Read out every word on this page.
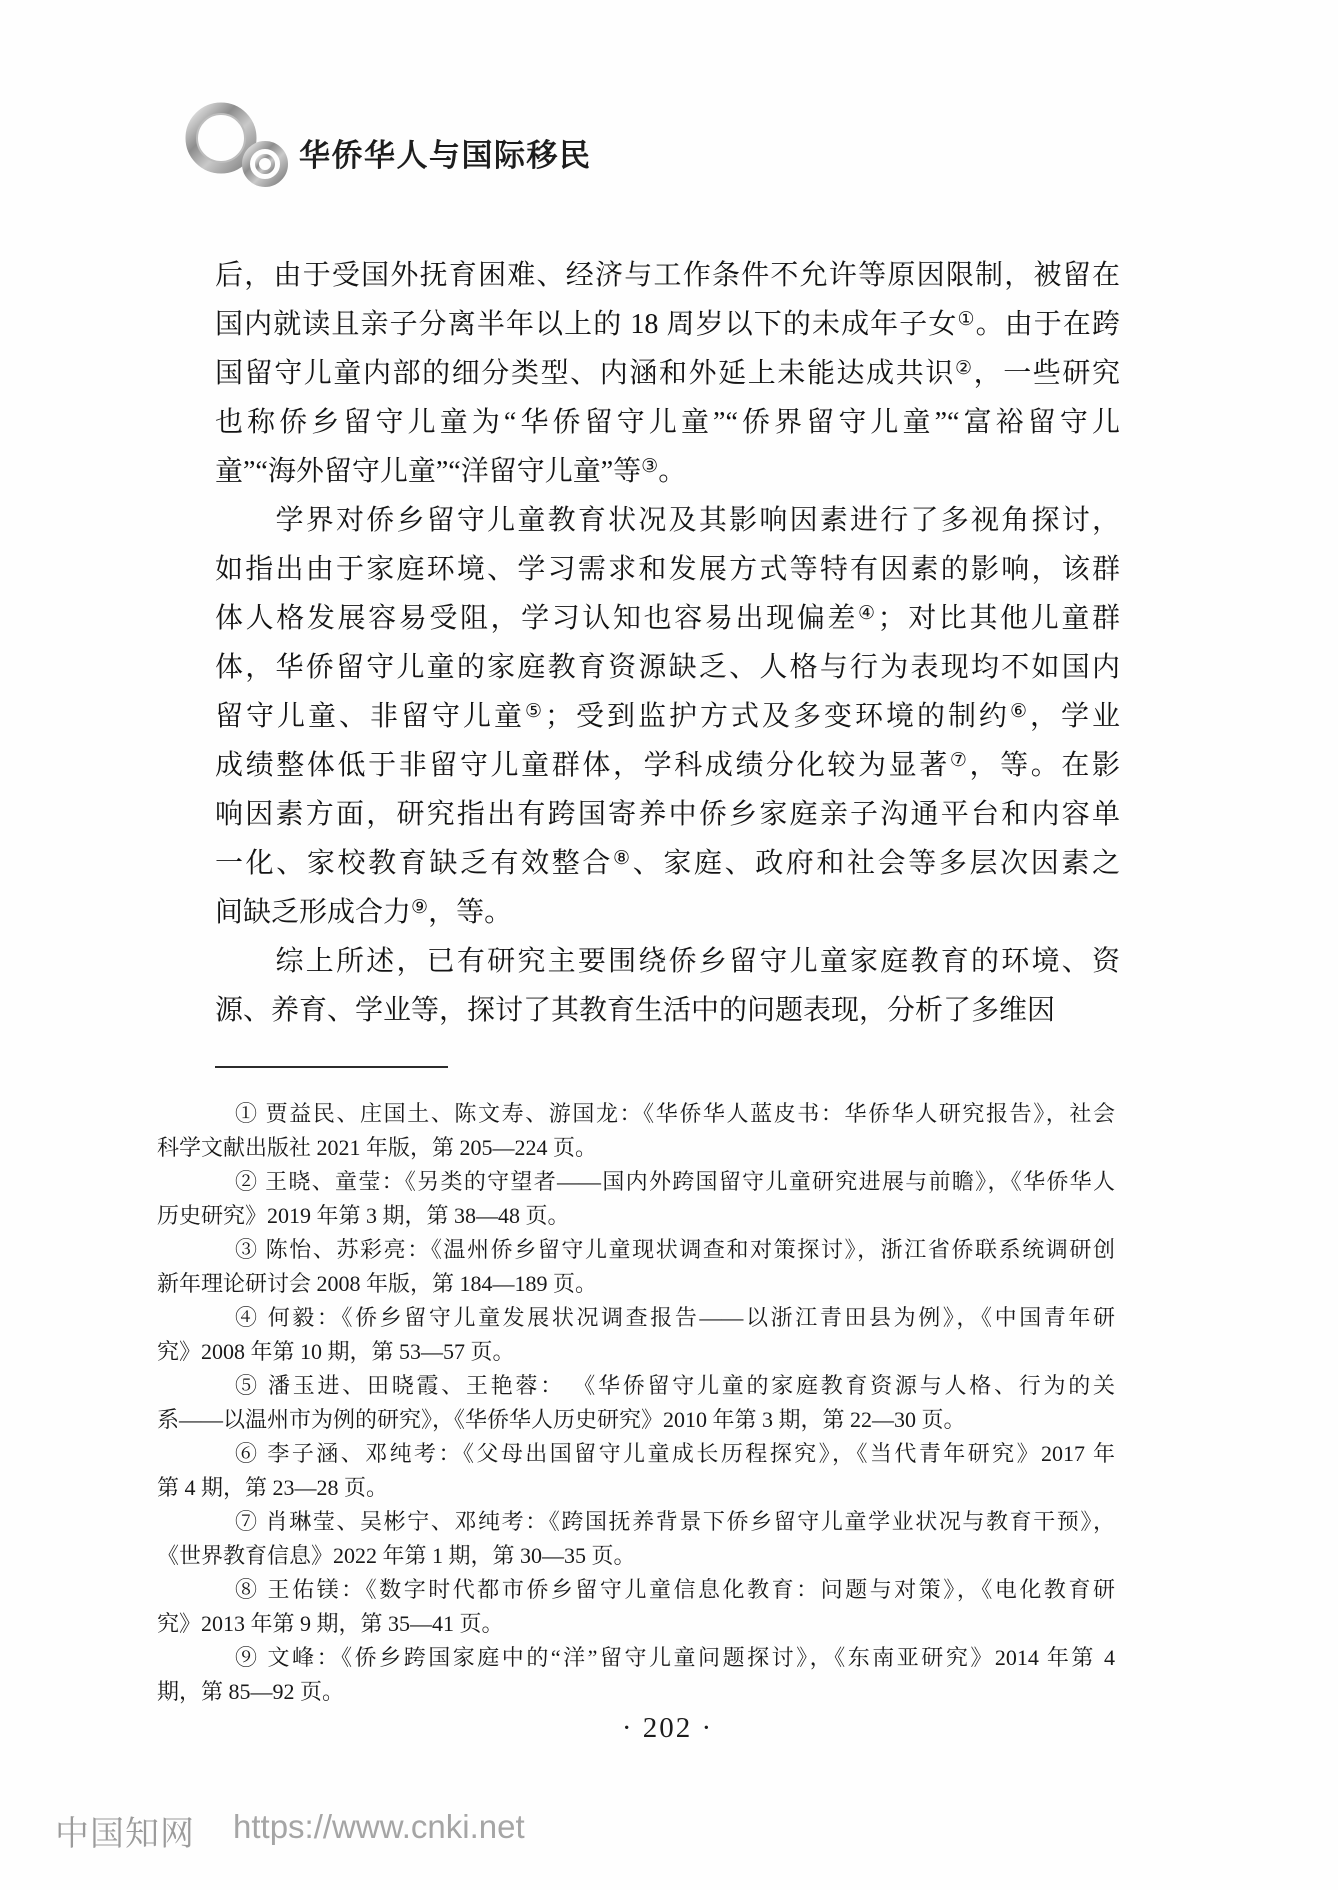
华侨华人与国际移民
后，由于受国外抚育困难、经济与工作条件不允许等原因限制，被留在
国内就读且亲子分离半年以上的 18 周岁以下的未成年子女①。由于在跨
国留守儿童内部的细分类型、内涵和外延上未能达成共识②，一些研究
也称侨乡留守儿童为“华侨留守儿童”“侨界留守儿童”“富裕留守儿
童”“海外留守儿童”“洋留守儿童”等③。
　　学界对侨乡留守儿童教育状况及其影响因素进行了多视角探讨，
如指出由于家庭环境、学习需求和发展方式等特有因素的影响，该群
体人格发展容易受阻，学习认知也容易出现偏差④；对比其他儿童群
体，华侨留守儿童的家庭教育资源缺乏、人格与行为表现均不如国内
留守儿童、非留守儿童⑤；受到监护方式及多变环境的制约⑥，学业
成绩整体低于非留守儿童群体，学科成绩分化较为显著⑦，等。在影
响因素方面，研究指出有跨国寄养中侨乡家庭亲子沟通平台和内容单
一化、家校教育缺乏有效整合⑧、家庭、政府和社会等多层次因素之
间缺乏形成合力⑨，等。
　　综上所述，已有研究主要围绕侨乡留守儿童家庭教育的环境、资
源、养育、学业等，探讨了其教育生活中的问题表现，分析了多维因
① 贾益民、庄国土、陈文寿、游国龙：《华侨华人蓝皮书：华侨华人研究报告》，社会
科学文献出版社 2021 年版，第 205—224 页。
② 王晓、童莹：《另类的守望者——国内外跨国留守儿童研究进展与前瞻》，《华侨华人
历史研究》2019 年第 3 期，第 38—48 页。
③ 陈怡、苏彩亮：《温州侨乡留守儿童现状调查和对策探讨》，浙江省侨联系统调研创
新年理论研讨会 2008 年版，第 184—189 页。
④ 何毅：《侨乡留守儿童发展状况调查报告——以浙江青田县为例》，《中国青年研
究》2008 年第 10 期，第 53—57 页。
⑤ 潘玉进、田晓霞、王艳蓉： 《华侨留守儿童的家庭教育资源与人格、行为的关
系——以温州市为例的研究》，《华侨华人历史研究》2010 年第 3 期，第 22—30 页。
⑥ 李子涵、邓纯考：《父母出国留守儿童成长历程探究》，《当代青年研究》2017 年
第 4 期，第 23—28 页。
⑦ 肖琳莹、吴彬宁、邓纯考：《跨国抚养背景下侨乡留守儿童学业状况与教育干预》，
《世界教育信息》2022 年第 1 期，第 30—35 页。
⑧ 王佑镁：《数字时代都市侨乡留守儿童信息化教育：问题与对策》，《电化教育研
究》2013 年第 9 期，第 35—41 页。
⑨ 文峰：《侨乡跨国家庭中的“洋”留守儿童问题探讨》，《东南亚研究》2014 年第 4
期，第 85—92 页。
· 202 ·
中国知网 https://www.cnki.net
